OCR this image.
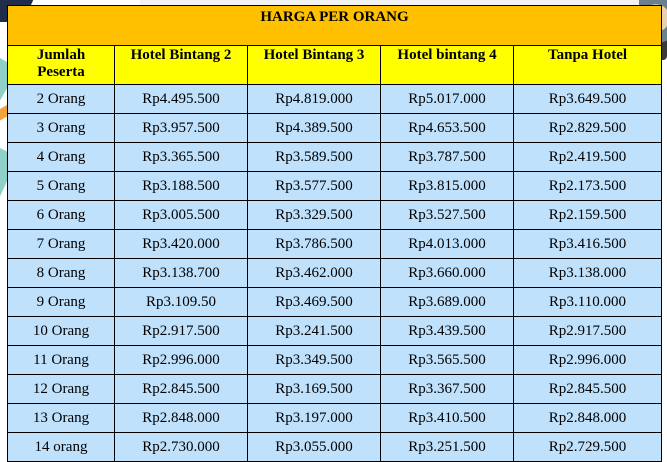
HARGA PER ORANG				
Jumlah Peserta	Hotel Bintang 2	Hotel Bintang 3	Hotel bintang 4	Tanpa Hotel
2 Orang	Rp4.495.500	Rp4.819.000	Rp5.017.000	Rp3.649.500
3 Orang	Rp3.957.500	Rp4.389.500	Rp4.653.500	Rp2.829.500
4 Orang	Rp3.365.500	Rp3.589.500	Rp3.787.500	Rp2.419.500
5 Orang	Rp3.188.500	Rp3.577.500	Rp3.815.000	Rp2.173.500
6 Orang	Rp3.005.500	Rp3.329.500	Rp3.527.500	Rp2.159.500
7 Orang	Rp3.420.000	Rp3.786.500	Rp4.013.000	Rp3.416.500
8 Orang	Rp3.138.700	Rp3.462.000	Rp3.660.000	Rp3.138.000
9 Orang	Rp3.109.50	Rp3.469.500	Rp3.689.000	Rp3.110.000
10 Orang	Rp2.917.500	Rp3.241.500	Rp3.439.500	Rp2.917.500
11 Orang	Rp2.996.000	Rp3.349.500	Rp3.565.500	Rp2.996.000
12 Orang	Rp2.845.500	Rp3.169.500	Rp3.367.500	Rp2.845.500
13 Orang	Rp2.848.000	Rp3.197.000	Rp3.410.500	Rp2.848.000
14 orang	Rp2.730.000	Rp3.055.000	Rp3.251.500	Rp2.729.500
